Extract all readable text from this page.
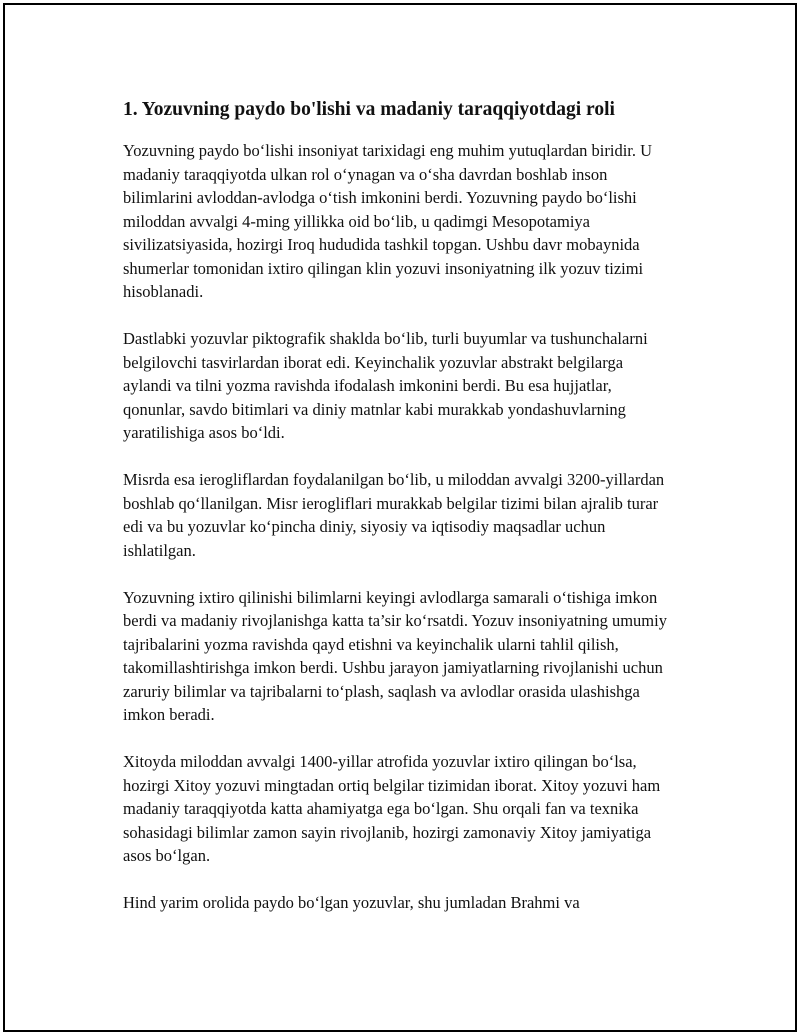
1. Yozuvning paydo bo'lishi va madaniy taraqqiyotdagi roli

Yozuvning paydo bo‘lishi insoniyat tarixidagi eng muhim yutuqlardan biridir. U madaniy taraqqiyotda ulkan rol o‘ynagan va o‘sha davrdan boshlab inson bilimlarini avloddan-avlodga o‘tish imkonini berdi. Yozuvning paydo bo‘lishi miloddan avvalgi 4-ming yillikka oid bo‘lib, u qadimgi Mesopotamiya sivilizatsiyasida, hozirgi Iroq hududida tashkil topgan. Ushbu davr mobaynida shumerlar tomonidan ixtiro qilingan klin yozuvi insoniyatning ilk yozuv tizimi hisoblanadi.

Dastlabki yozuvlar piktografik shaklda bo‘lib, turli buyumlar va tushunchalarni belgilovchi tasvirlardan iborat edi. Keyinchalik yozuvlar abstrakt belgilarga aylandi va tilni yozma ravishda ifodalash imkonini berdi. Bu esa hujjatlar, qonunlar, savdo bitimlari va diniy matnlar kabi murakkab yondashuvlarning yaratilishiga asos bo‘ldi.

Misrda esa ierogliflardan foydalanilgan bo‘lib, u miloddan avvalgi 3200-yillardan boshlab qo‘llanilgan. Misr ierogliflari murakkab belgilar tizimi bilan ajralib turar edi va bu yozuvlar ko‘pincha diniy, siyosiy va iqtisodiy maqsadlar uchun ishlatilgan.

Yozuvning ixtiro qilinishi bilimlarni keyingi avlodlarga samarali o‘tishiga imkon berdi va madaniy rivojlanishga katta ta’sir ko‘rsatdi. Yozuv insoniyatning umumiy tajribalarini yozma ravishda qayd etishni va keyinchalik ularni tahlil qilish, takomillashtirishga imkon berdi. Ushbu jarayon jamiyatlarning rivojlanishi uchun zaruriy bilimlar va tajribalarni to‘plash, saqlash va avlodlar orasida ulashishga imkon beradi.

Xitoyda miloddan avvalgi 1400-yillar atrofida yozuvlar ixtiro qilingan bo‘lsa, hozirgi Xitoy yozuvi mingtadan ortiq belgilar tizimidan iborat. Xitoy yozuvi ham madaniy taraqqiyotda katta ahamiyatga ega bo‘lgan. Shu orqali fan va texnika sohasidagi bilimlar zamon sayin rivojlanib, hozirgi zamonaviy Xitoy jamiyatiga asos bo‘lgan.

Hind yarim orolida paydo bo‘lgan yozuvlar, shu jumladan Brahmi va
